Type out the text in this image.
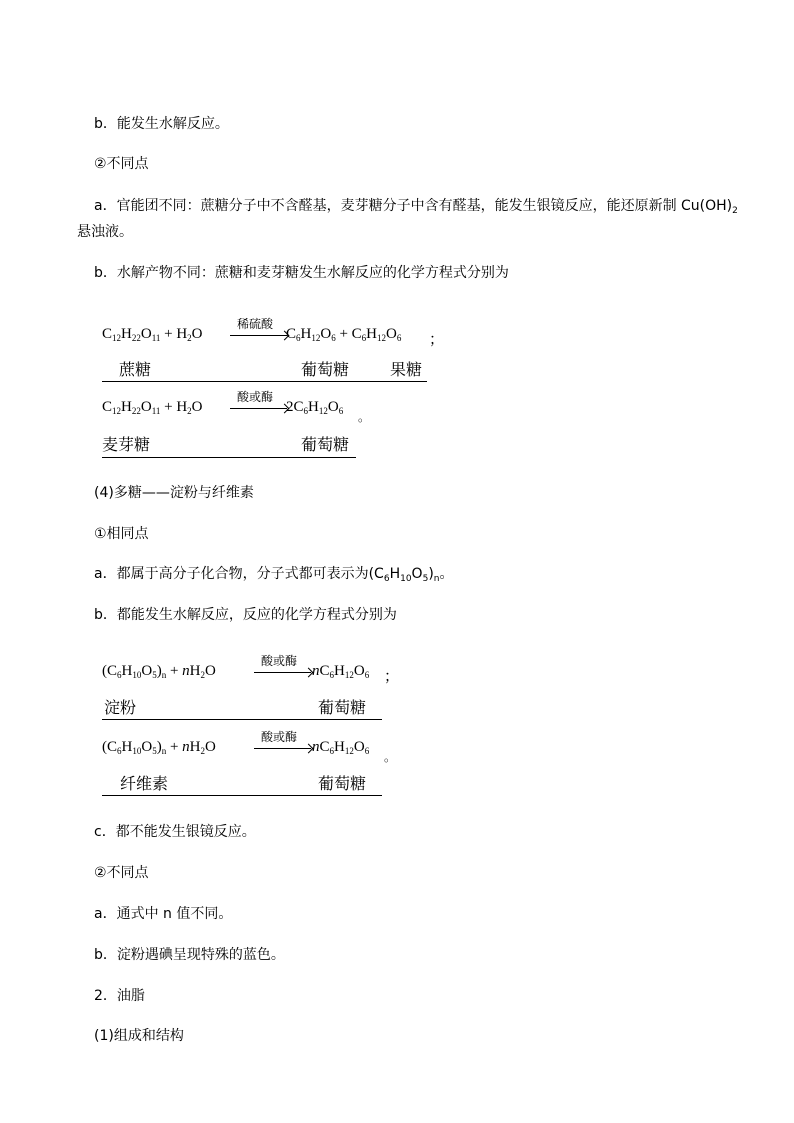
b．能发生水解反应。
②不同点
a．官能团不同：蔗糖分子中不含醛基，麦芽糖分子中含有醛基，能发生银镜反应，能还原新制 $Cu(OH)_2$
悬浊液。
b．水解产物不同：蔗糖和麦芽糖发生水解反应的化学方程式分别为
$C_{12}H_{22}O_{11} + H_2O$
稀硫酸
$C_6H_{12}O_6 + C_6H_{12}O_6$ ；
蔗糖	葡萄糖	果糖
$C_{12}H_{22}O_{11} + H_2O$
酸或酶
$2C_6H_{12}O_6$ 。
麦芽糖	葡萄糖
(4)多糖——淀粉与纤维素
①相同点
a．都属于高分子化合物，分子式都可表示为$(C_6H_{10}O_5)_n$。
b．都能发生水解反应，反应的化学方程式分别为
$(C_6H_{10}O_5)_n + nH_2O$
酸或酶
$nC_6H_{12}O_6$ ；
淀粉	葡萄糖
$(C_6H_{10}O_5)_n + nH_2O$
酸或酶
$nC_6H_{12}O_6$ 。
纤维素	葡萄糖
c．都不能发生银镜反应。
②不同点
a．通式中 n 值不同。
b．淀粉遇碘呈现特殊的蓝色。
2．油脂
(1)组成和结构
